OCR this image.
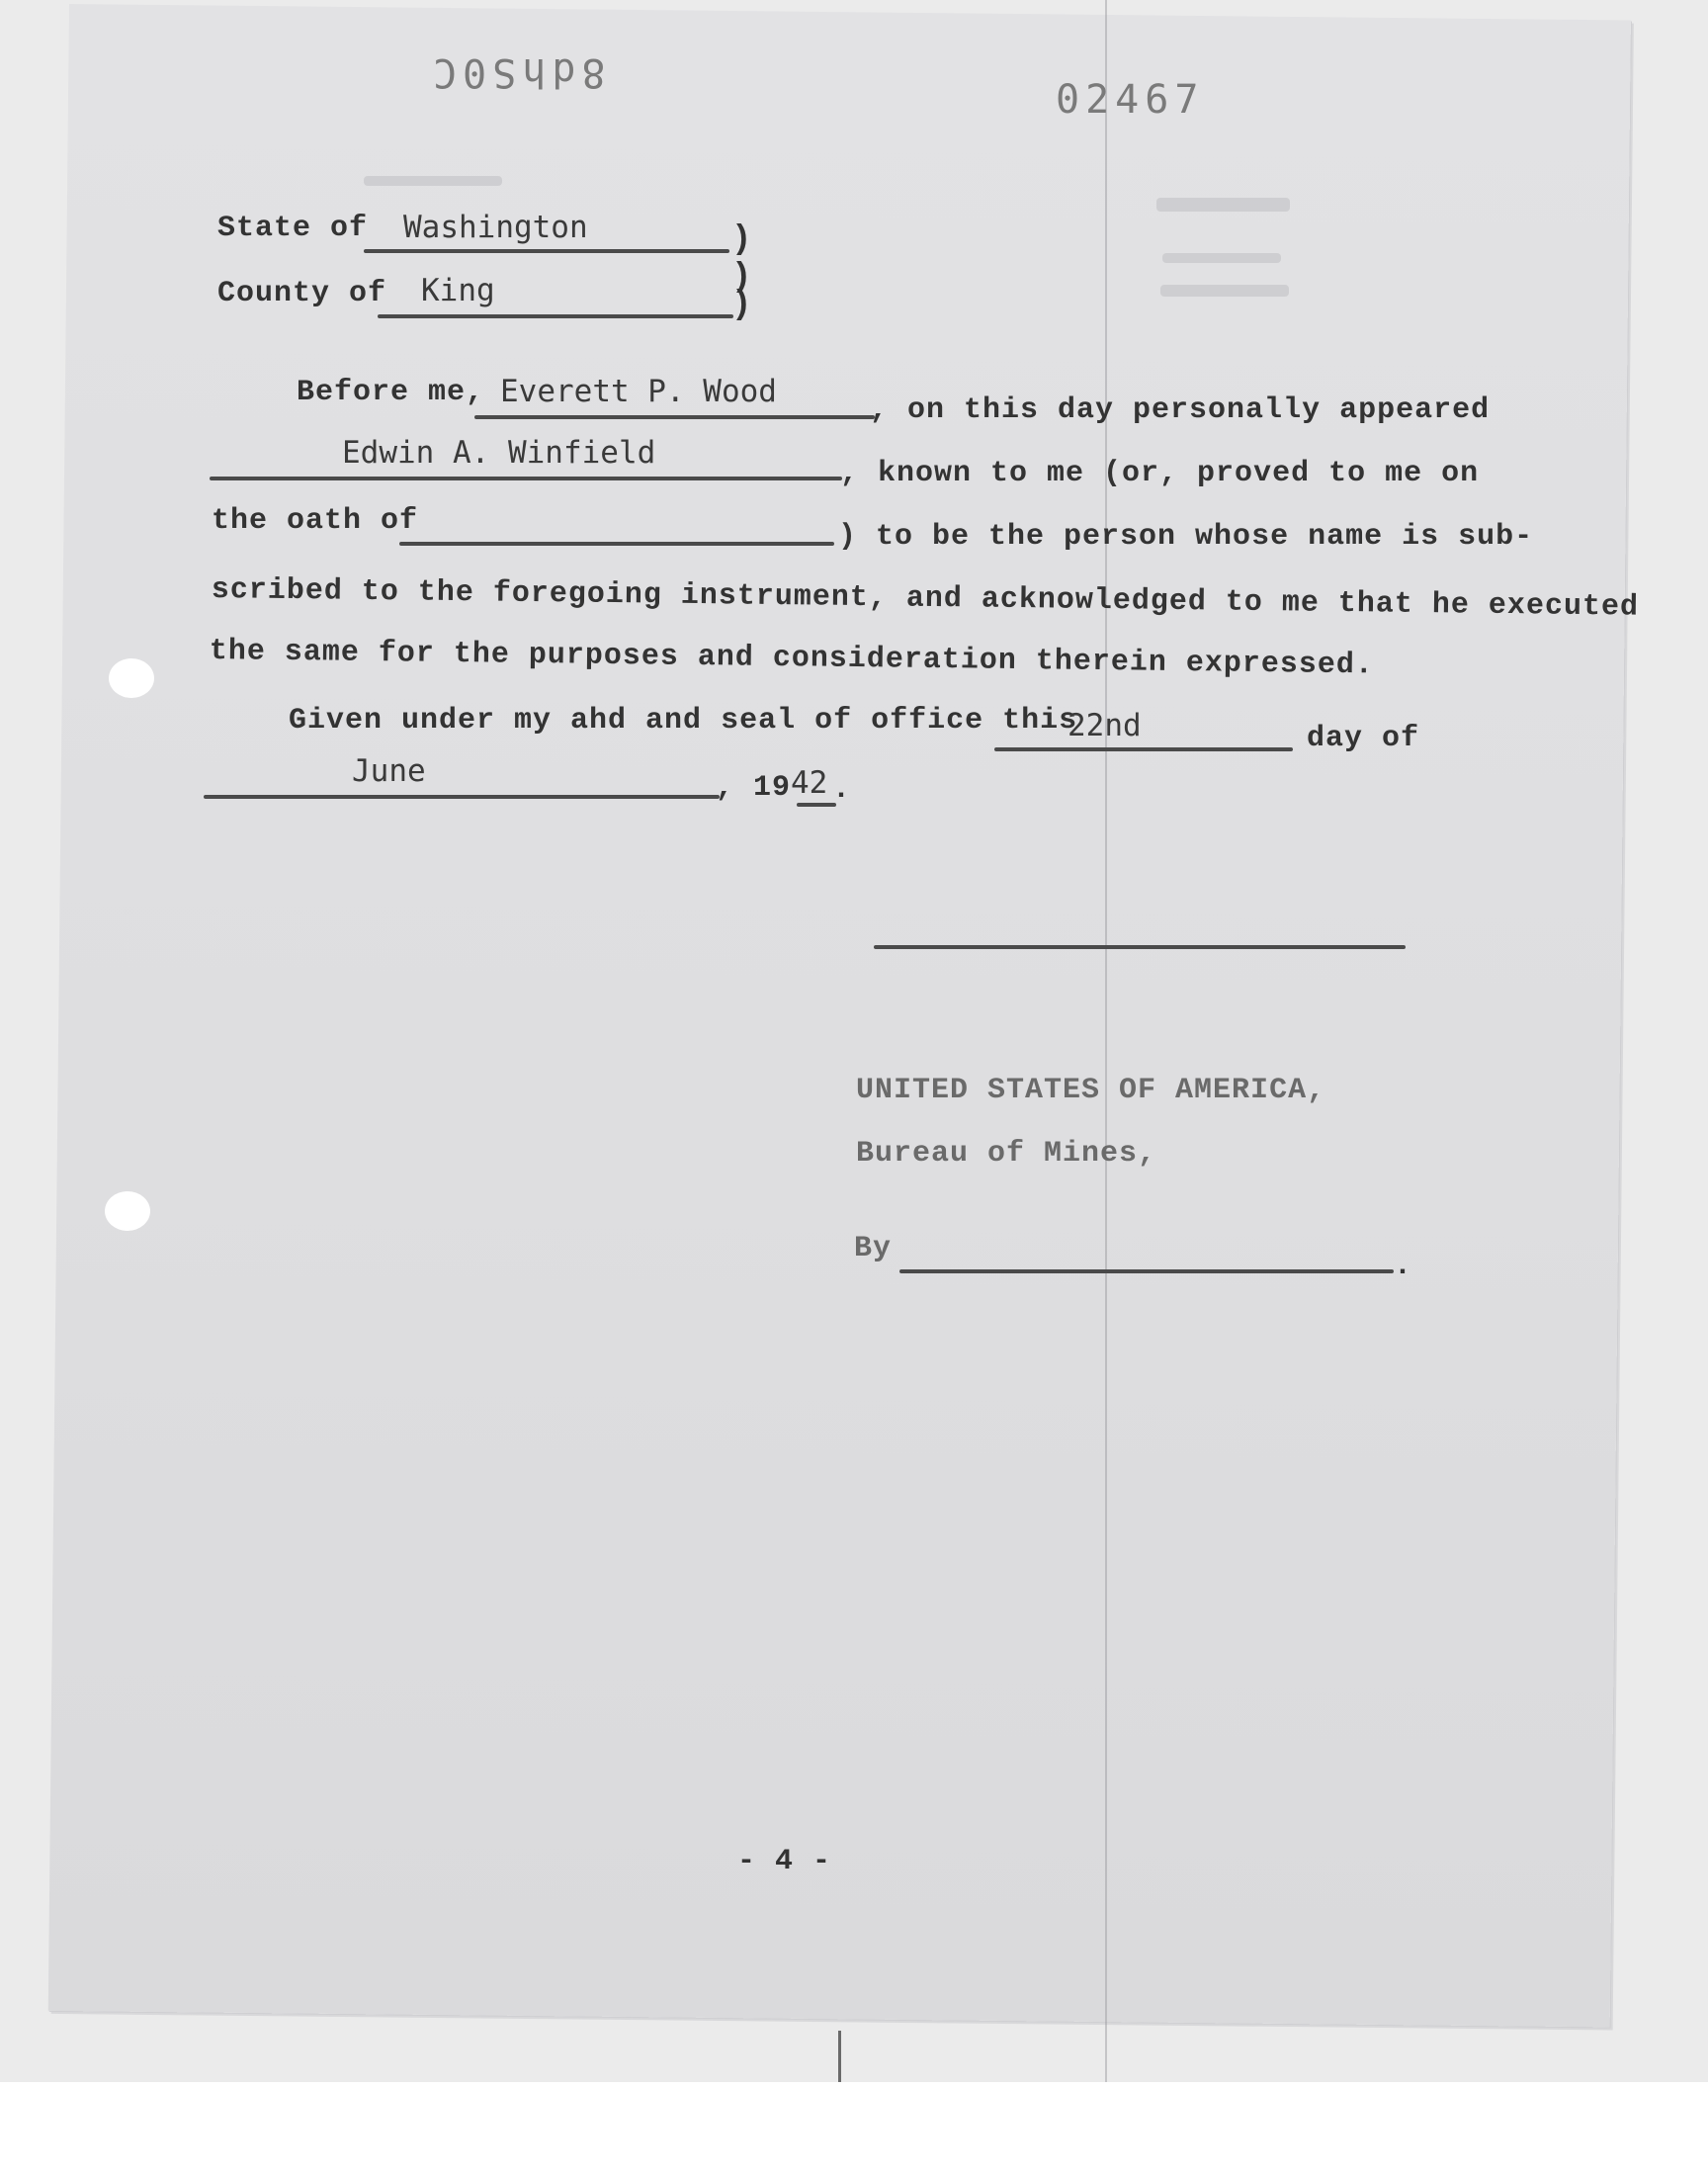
8dhS0C
02467
State of Washington	)
County of King	)
)
Before me, Everett P. Wood
, on this day personally appeared
Edwin A. Winfield
, known to me (or, proved to me on
the oath of	) to be the person whose name is sub-
scribed to the foregoing instrument, and acknowledged to me that he executed
the same for the purposes and consideration therein expressed.
Given under my ahd and seal of office this
22nd	day of
June	, 19 42 .
UNITED STATES OF AMERICA,
Bureau of Mines,
By
.
- 4 -
